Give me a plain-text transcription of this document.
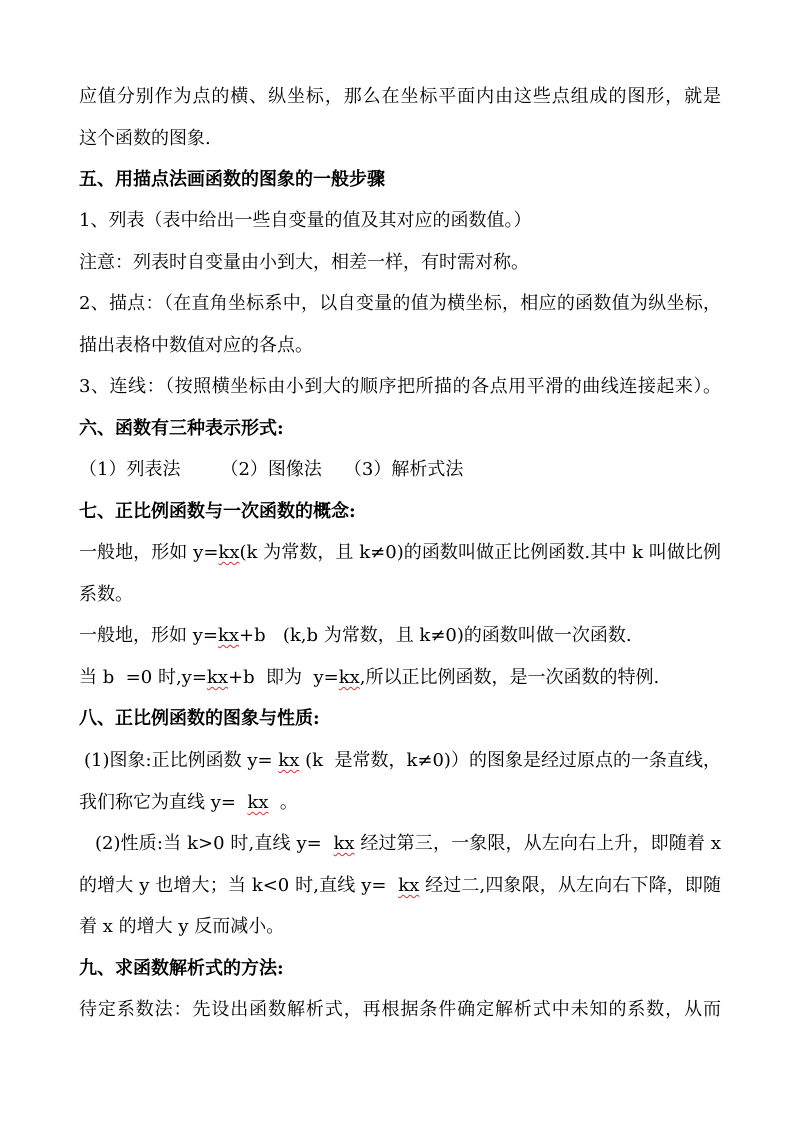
应值分别作为点的横、纵坐标，那么在坐标平面内由这些点组成的图形，就是
这个函数的图象.
五、用描点法画函数的图象的一般步骤
1、列表（表中给出一些自变量的值及其对应的函数值。）
注意：列表时自变量由小到大，相差一样，有时需对称。
2、描点：（在直角坐标系中，以自变量的值为横坐标，相应的函数值为纵坐标，
描出表格中数值对应的各点。
3、连线：（按照横坐标由小到大的顺序把所描的各点用平滑的曲线连接起来）。
六、函数有三种表示形式:
（1）列表法 （2）图像法 （3）解析式法
七、正比例函数与一次函数的概念:
一般地，形如 y=kx(k 为常数，且 k≠0)的函数叫做正比例函数.其中 k 叫做比例
系数。
一般地，形如 y=kx+b   (k,b 为常数，且 k≠0)的函数叫做一次函数.
当 b  =0 时,y=kx+b  即为  y=kx,所以正比例函数，是一次函数的特例.
八、正比例函数的图象与性质:
(1)图象:正比例函数 y= kx (k  是常数，k≠0)）的图象是经过原点的一条直线，
我们称它为直线 y=  kx  。
(2)性质:当 k>0 时,直线 y=  kx 经过第三，一象限，从左向右上升，即随着 x
的增大 y 也增大；当 k<0 时,直线 y=  kx 经过二,四象限，从左向右下降，即随
着 x 的增大 y 反而减小。
九、求函数解析式的方法:
待定系数法：先设出函数解析式，再根据条件确定解析式中未知的系数，从而
